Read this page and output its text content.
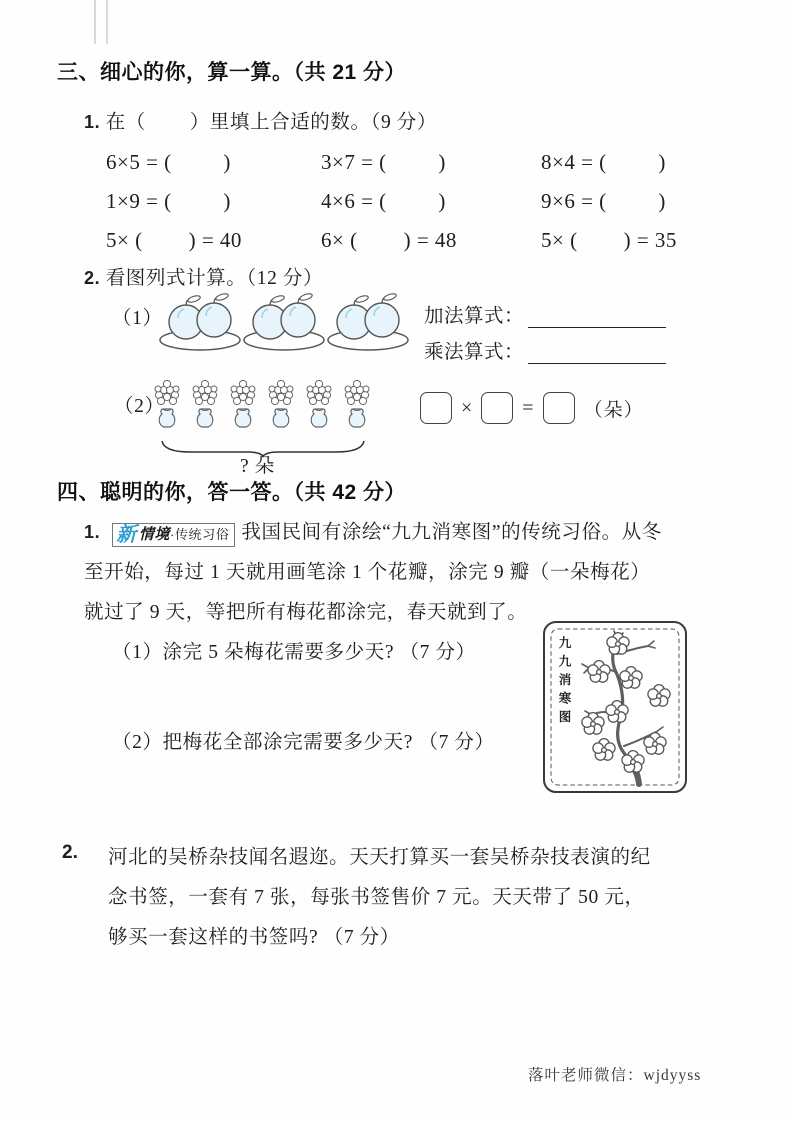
三、细心的你，算一算。（共 21 分）
1. 在（        ）里填上合适的数。（9 分）
6×5 = (         )	3×7 = (         )	8×4 = (         )
1×9 = (         )	4×6 = (         )	9×6 = (         )
5× (        ) = 40	6× (        ) = 48	5× (        ) = 35
2. 看图列式计算。（12 分）
（1）	加法算式：
乘法算式：
（2）
? 朵
×	=	（朵）
四、聪明的你，答一答。（共 42 分）
1. 新 情境 ·传统习俗 我国民间有涂绘“九九消寒图”的传统习俗。从冬
至开始，每过 1 天就用画笔涂 1 个花瓣，涂完 9 瓣（一朵梅花）
就过了 9 天，等把所有梅花都涂完，春天就到了。
（1）涂完 5 朵梅花需要多少天? （7 分）
（2）把梅花全部涂完需要多少天? （7 分）
九九消寒图
2. 河北的吴桥杂技闻名遐迩。天天打算买一套吴桥杂技表演的纪
念书签，一套有 7 张，每张书签售价 7 元。天天带了 50 元，
够买一套这样的书签吗? （7 分）
落叶老师微信：wjdyyss
